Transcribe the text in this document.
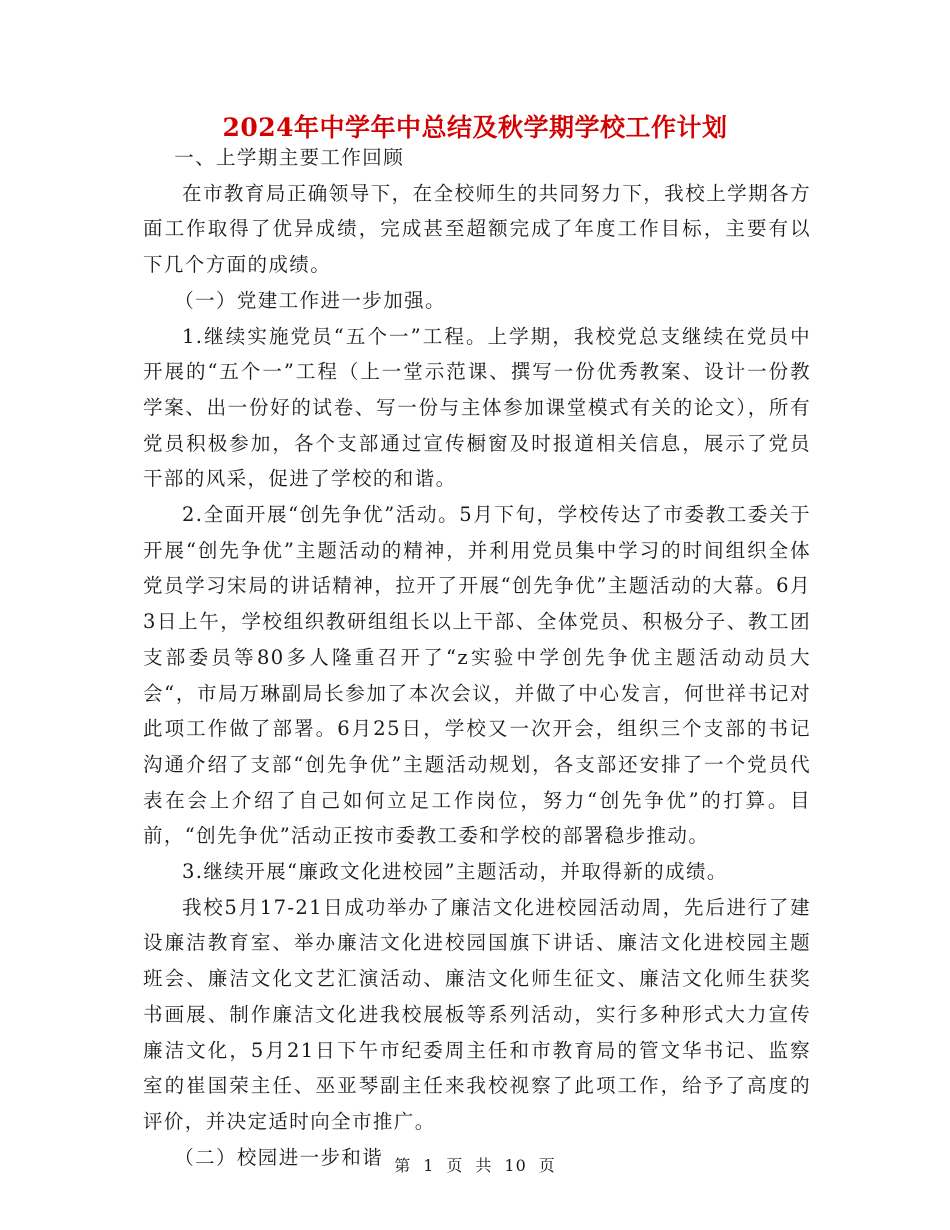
2024年中学年中总结及秋学期学校工作计划

一、上学期主要工作回顾

在市教育局正确领导下，在全校师生的共同努力下，我校上学期各方面工作取得了优异成绩，完成甚至超额完成了年度工作目标，主要有以下几个方面的成绩。

（一）党建工作进一步加强。

1.继续实施党员“五个一”工程。上学期，我校党总支继续在党员中开展的“五个一”工程（上一堂示范课、撰写一份优秀教案、设计一份教学案、出一份好的试卷、写一份与主体参加课堂模式有关的论文），所有党员积极参加，各个支部通过宣传橱窗及时报道相关信息，展示了党员干部的风采，促进了学校的和谐。

2.全面开展“创先争优”活动。5月下旬，学校传达了市委教工委关于开展“创先争优”主题活动的精神，并利用党员集中学习的时间组织全体党员学习宋局的讲话精神，拉开了开展“创先争优”主题活动的大幕。6月3日上午，学校组织教研组组长以上干部、全体党员、积极分子、教工团支部委员等80多人隆重召开了“z实验中学创先争优主题活动动员大会“，市局万琳副局长参加了本次会议，并做了中心发言，何世祥书记对此项工作做了部署。6月25日，学校又一次开会，组织三个支部的书记沟通介绍了支部“创先争优”主题活动规划，各支部还安排了一个党员代表在会上介绍了自己如何立足工作岗位，努力“创先争优”的打算。目前，“创先争优”活动正按市委教工委和学校的部署稳步推动。

3.继续开展“廉政文化进校园”主题活动，并取得新的成绩。

我校5月17-21日成功举办了廉洁文化进校园活动周，先后进行了建设廉洁教育室、举办廉洁文化进校园国旗下讲话、廉洁文化进校园主题班会、廉洁文化文艺汇演活动、廉洁文化师生征文、廉洁文化师生获奖书画展、制作廉洁文化进我校展板等系列活动，实行多种形式大力宣传廉洁文化，5月21日下午市纪委周主任和市教育局的管文华书记、监察室的崔国荣主任、巫亚琴副主任来我校视察了此项工作，给予了高度的评价，并决定适时向全市推广。

（二）校园进一步和谐 第 1 页 共 10 页
